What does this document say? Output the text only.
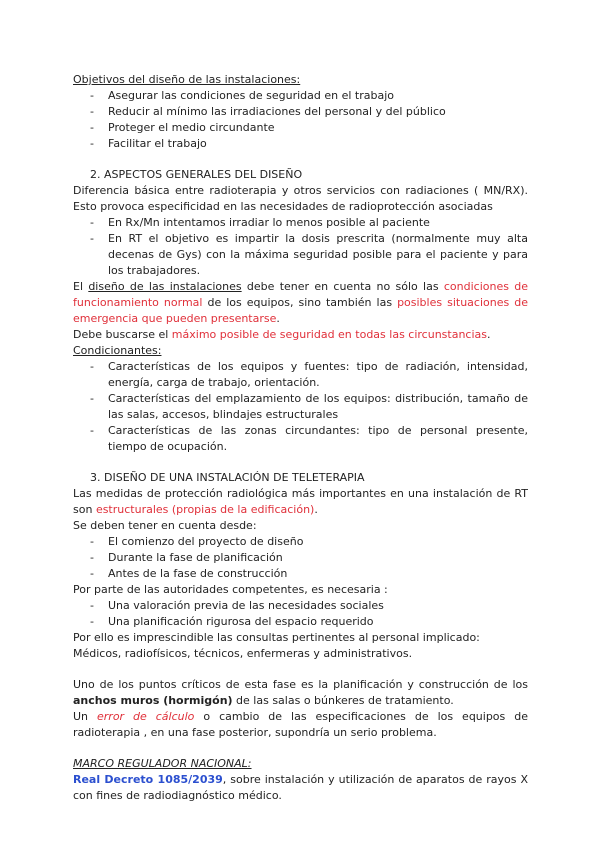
Objetivos del diseño de las instalaciones:

- Asegurar las condiciones de seguridad en el trabajo
- Reducir al mínimo las irradiaciones del personal y del público
- Proteger el medio circundante
- Facilitar el trabajo
2. ASPECTOS GENERALES DEL DISEÑO

Diferencia básica entre radioterapia y otros servicios con radiaciones ( MN/RX). Esto provoca especificidad en las necesidades de radioprotección asociadas

- En Rx/Mn intentamos irradiar lo menos posible al paciente
- En RT el objetivo es impartir la dosis prescrita (normalmente muy alta decenas de Gys) con la máxima seguridad posible para el paciente y para los trabajadores.

El diseño de las instalaciones debe tener en cuenta no sólo las condiciones de funcionamiento normal de los equipos, sino también las posibles situaciones de emergencia que pueden presentarse.

Debe buscarse el máximo posible de seguridad en todas las circunstancias.

Condicionantes:

- Características de los equipos y fuentes: tipo de radiación, intensidad, energía, carga de trabajo, orientación.
- Características del emplazamiento de los equipos: distribución, tamaño de las salas, accesos, blindajes estructurales
- Características de las zonas circundantes: tipo de personal presente, tiempo de ocupación.
3. DISEÑO DE UNA INSTALACIÓN DE TELETERAPIA

Las medidas de protección radiológica más importantes en una instalación de RT son estructurales (propias de la edificación).

Se deben tener en cuenta desde:

- El comienzo del proyecto de diseño
- Durante la fase de planificación
- Antes de la fase de construcción

Por parte de las autoridades competentes, es necesaria :

- Una valoración previa de las necesidades sociales
- Una planificación rigurosa del espacio requerido

Por ello es imprescindible las consultas pertinentes al personal implicado:

Médicos, radiofísicos, técnicos, enfermeras y administrativos.

Uno de los puntos críticos de esta fase es la planificación y construcción de los anchos muros (hormigón) de las salas o búnkeres de tratamiento.

Un error de cálculo o cambio de las especificaciones de los equipos de radioterapia , en una fase posterior, supondría un serio problema.

MARCO REGULADOR NACIONAL:

Real Decreto 1085/2039, sobre instalación y utilización de aparatos de rayos X con fines de radiodiagnóstico médico.
